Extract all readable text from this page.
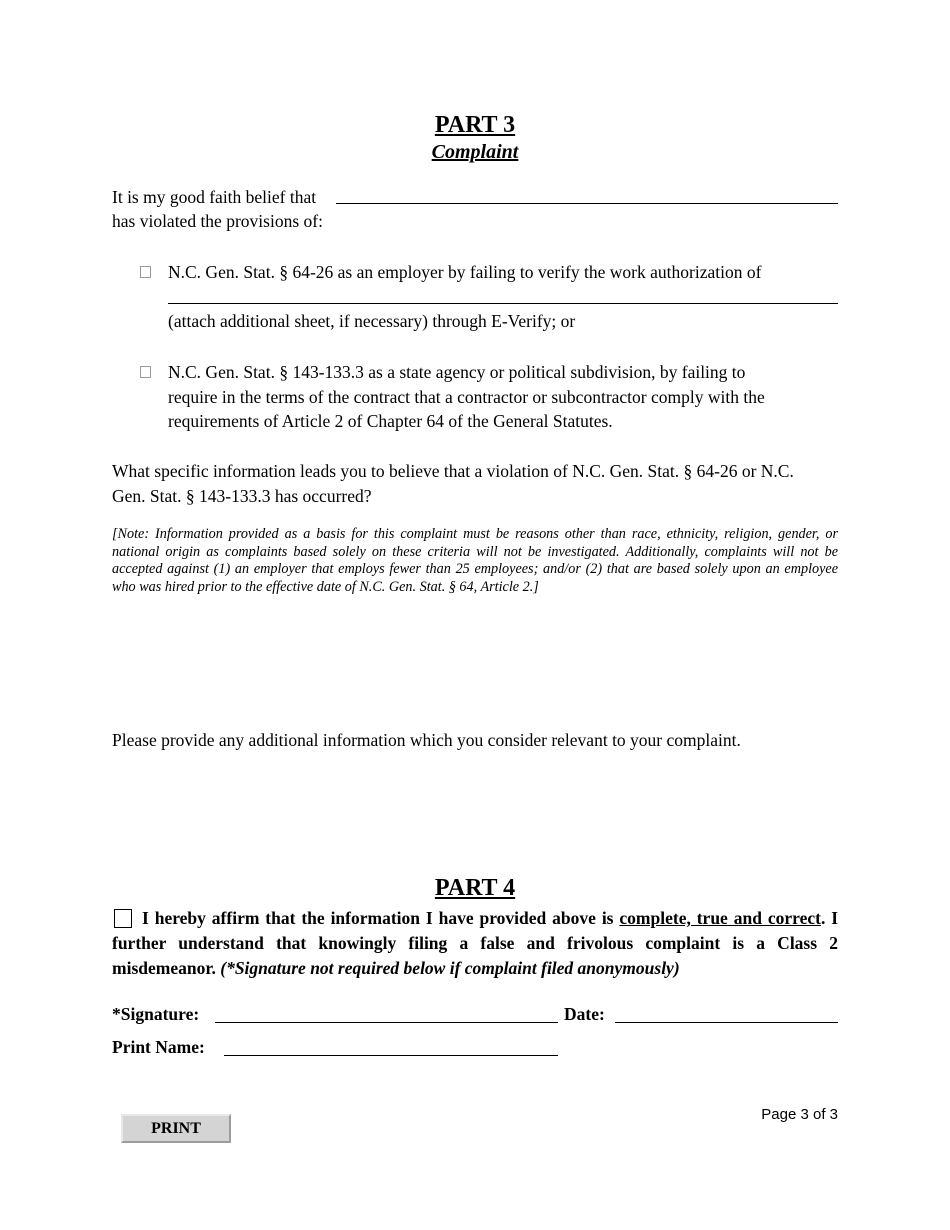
PART 3
Complaint
It is my good faith belief that
has violated the provisions of:
N.C. Gen. Stat. § 64-26 as an employer by failing to verify the work authorization of
(attach additional sheet, if necessary) through E-Verify; or
N.C. Gen. Stat. § 143-133.3 as a state agency or political subdivision, by failing to
require in the terms of the contract that a contractor or subcontractor comply with the
requirements of Article 2 of Chapter 64 of the General Statutes.
What specific information leads you to believe that a violation of N.C. Gen. Stat. § 64-26 or N.C.
Gen. Stat. § 143-133.3 has occurred?
[Note: Information provided as a basis for this complaint must be reasons other than race, ethnicity, religion, gender, or national origin as complaints based solely on these criteria will not be investigated. Additionally, complaints will not be accepted against (1) an employer that employs fewer than 25 employees; and/or (2) that are based solely upon an employee who was hired prior to the effective date of N.C. Gen. Stat. § 64, Article 2.]
Please provide any additional information which you consider relevant to your complaint.
PART 4
I hereby affirm that the information I have provided above is complete, true and correct. I further understand that knowingly filing a false and frivolous complaint is a Class 2 misdemeanor. (*Signature not required below if complaint filed anonymously)
*Signature:	Date:
Print Name:
PRINT
Page 3 of 3
